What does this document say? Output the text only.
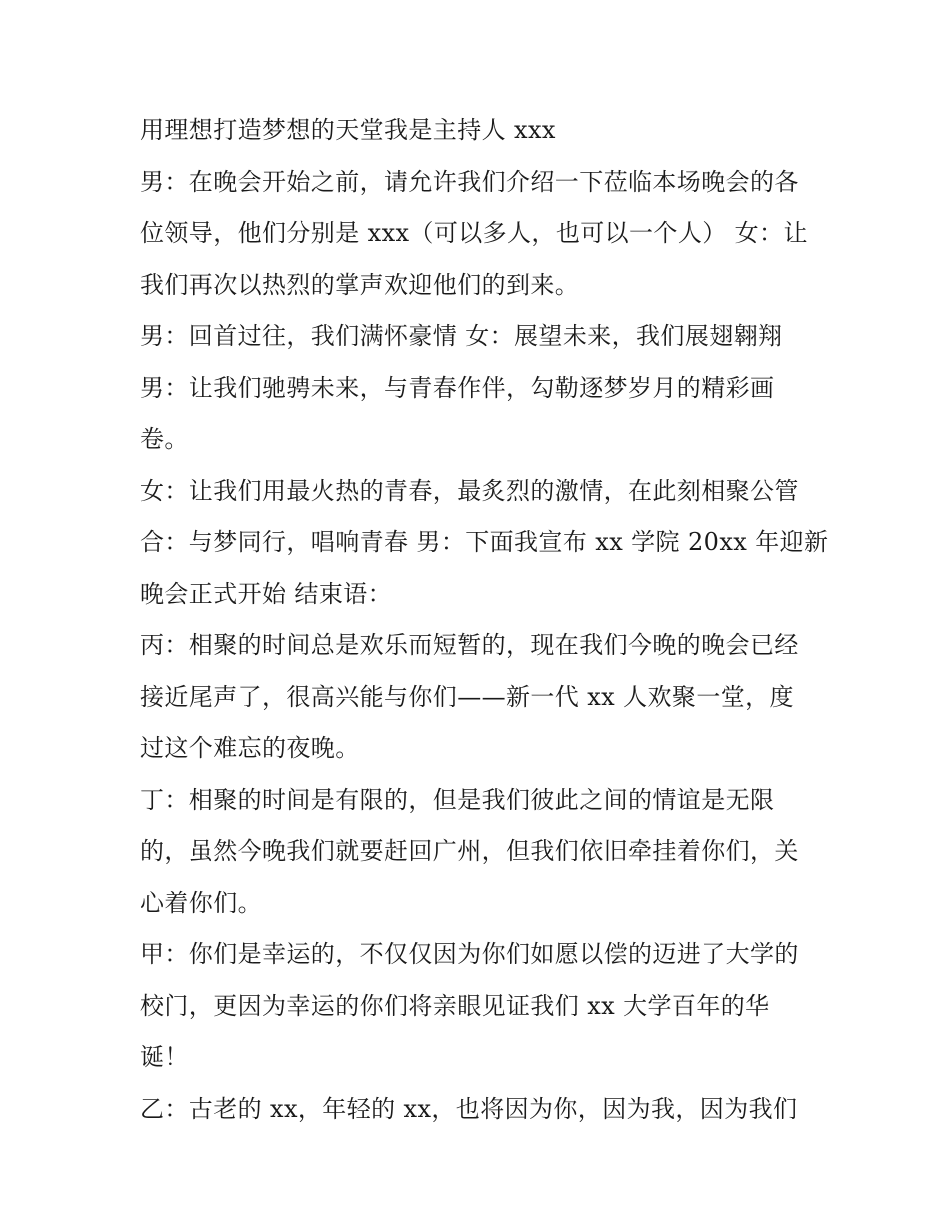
用理想打造梦想的天堂我是主持人 xxx
男：在晚会开始之前，请允许我们介绍一下莅临本场晚会的各
位领导，他们分别是 xxx（可以多人，也可以一个人） 女：让
我们再次以热烈的掌声欢迎他们的到来。
男：回首过往，我们满怀豪情 女：展望未来，我们展翅翱翔
男：让我们驰骋未来，与青春作伴，勾勒逐梦岁月的精彩画
卷。
女：让我们用最火热的青春，最炙烈的激情，在此刻相聚公管
合：与梦同行，唱响青春 男：下面我宣布 xx 学院 20xx 年迎新
晚会正式开始 结束语：
丙：相聚的时间总是欢乐而短暂的，现在我们今晚的晚会已经
接近尾声了，很高兴能与你们——新一代 xx 人欢聚一堂，度
过这个难忘的夜晚。
丁：相聚的时间是有限的，但是我们彼此之间的情谊是无限
的，虽然今晚我们就要赶回广州，但我们依旧牵挂着你们，关
心着你们。
甲：你们是幸运的，不仅仅因为你们如愿以偿的迈进了大学的
校门，更因为幸运的你们将亲眼见证我们 xx 大学百年的华
诞！
乙：古老的 xx，年轻的 xx，也将因为你，因为我，因为我们
